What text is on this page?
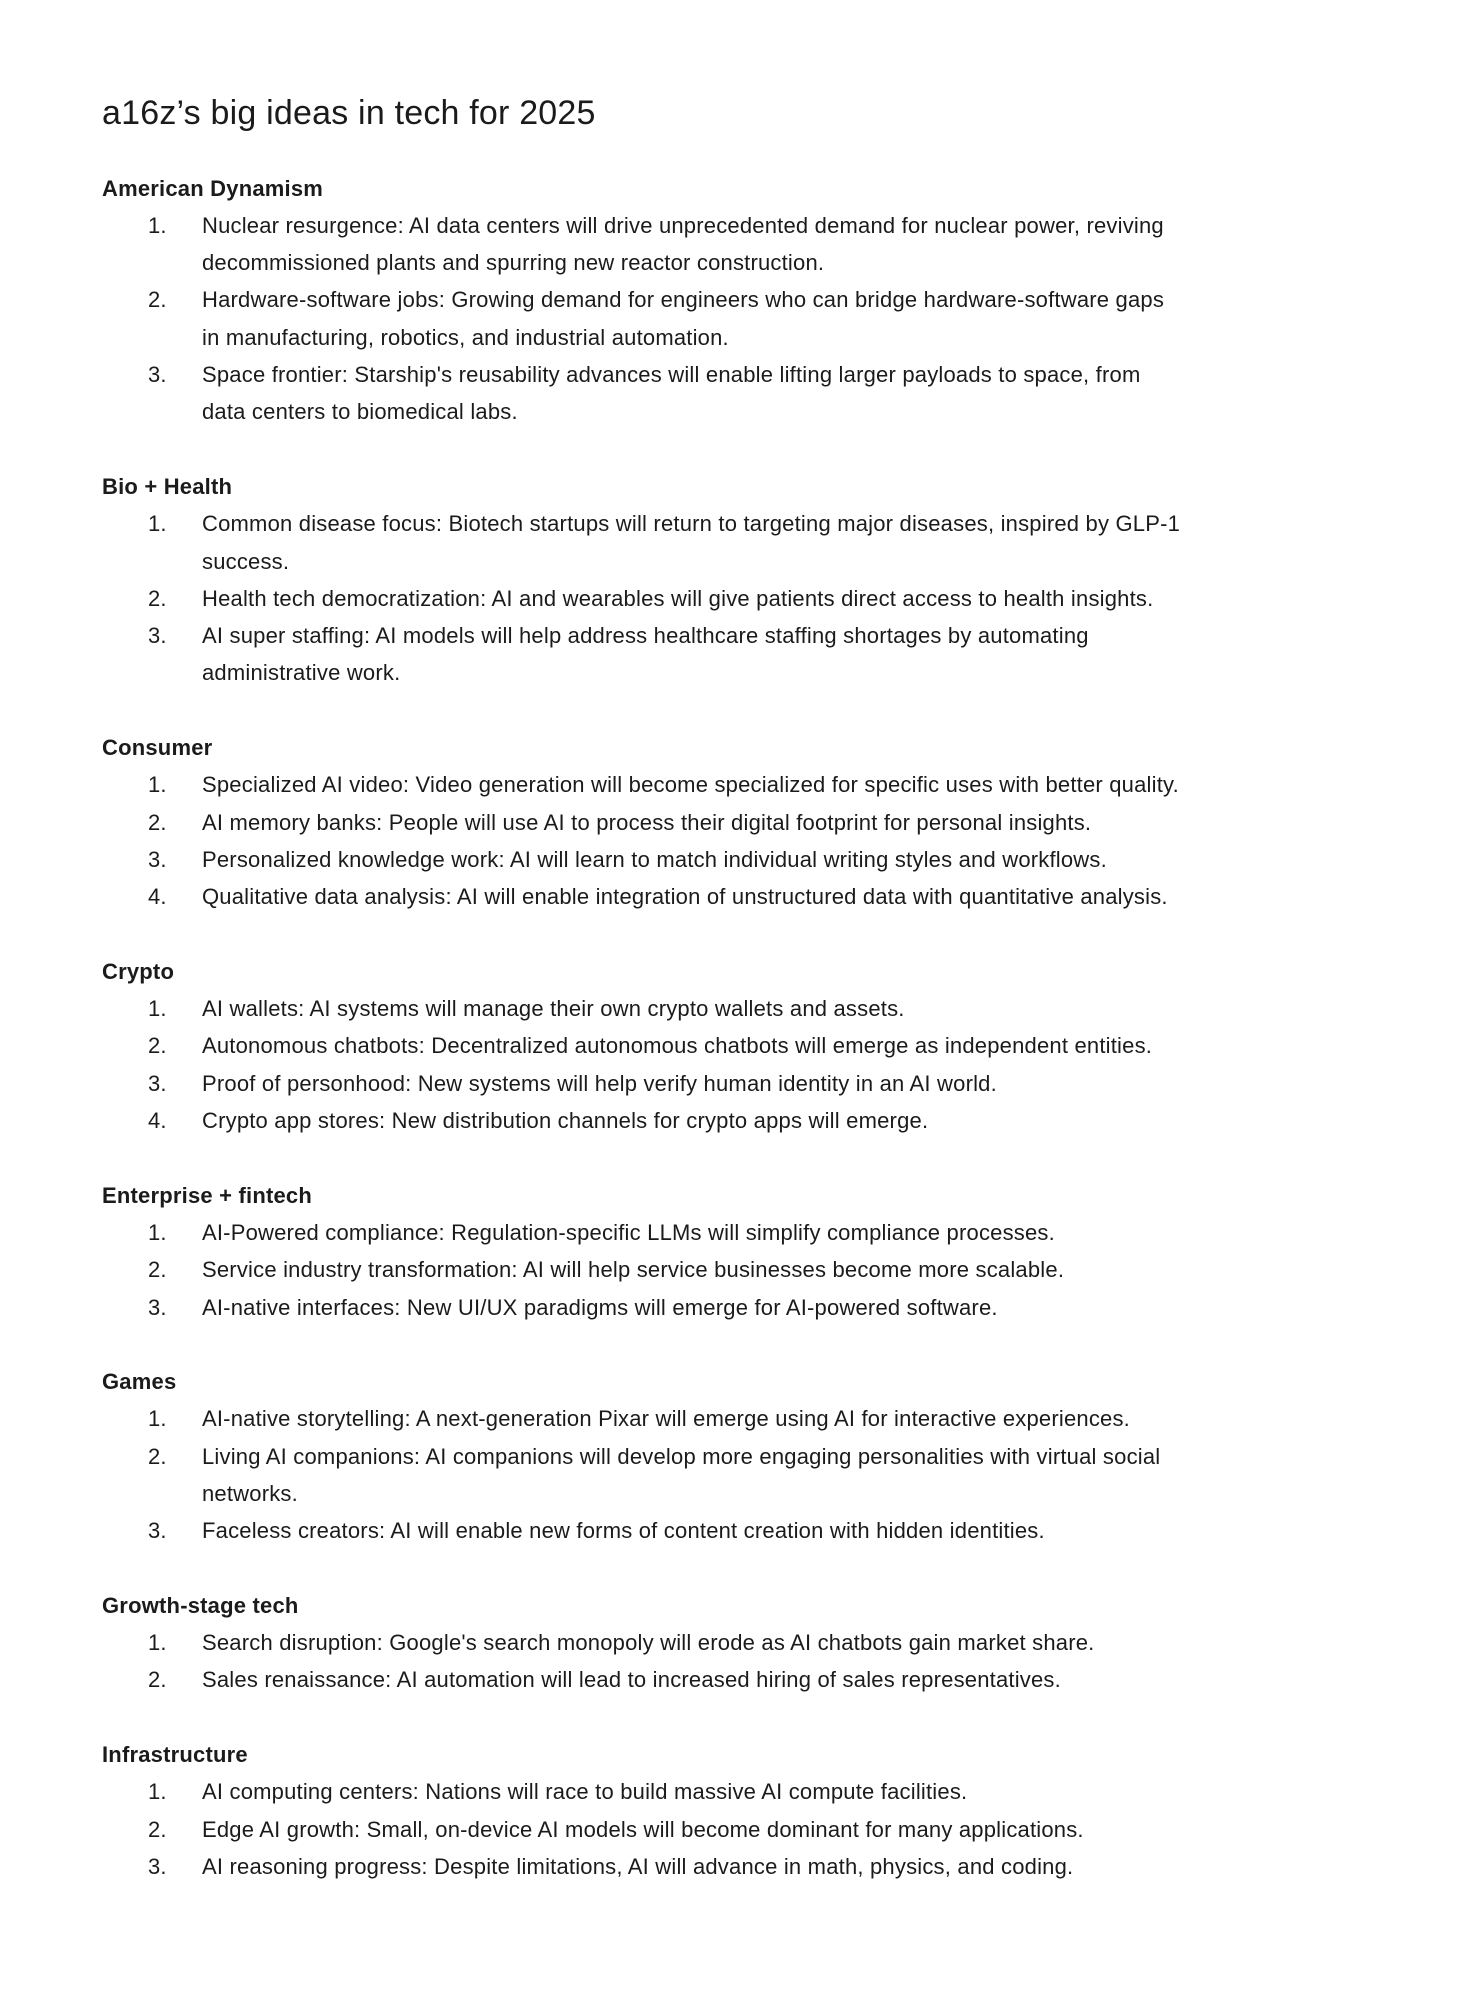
a16z’s big ideas in tech for 2025
American Dynamism
1. Nuclear resurgence: AI data centers will drive unprecedented demand for nuclear power, reviving
decommissioned plants and spurring new reactor construction.
2. Hardware-software jobs: Growing demand for engineers who can bridge hardware-software gaps
in manufacturing, robotics, and industrial automation.
3. Space frontier: Starship's reusability advances will enable lifting larger payloads to space, from
data centers to biomedical labs.
Bio + Health
1. Common disease focus: Biotech startups will return to targeting major diseases, inspired by GLP-1
success.
2. Health tech democratization: AI and wearables will give patients direct access to health insights.
3. AI super staffing: AI models will help address healthcare staffing shortages by automating
administrative work.
Consumer
1. Specialized AI video: Video generation will become specialized for specific uses with better quality.
2. AI memory banks: People will use AI to process their digital footprint for personal insights.
3. Personalized knowledge work: AI will learn to match individual writing styles and workflows.
4. Qualitative data analysis: AI will enable integration of unstructured data with quantitative analysis.
Crypto
1. AI wallets: AI systems will manage their own crypto wallets and assets.
2. Autonomous chatbots: Decentralized autonomous chatbots will emerge as independent entities.
3. Proof of personhood: New systems will help verify human identity in an AI world.
4. Crypto app stores: New distribution channels for crypto apps will emerge.
Enterprise + fintech
1. AI-Powered compliance: Regulation-specific LLMs will simplify compliance processes.
2. Service industry transformation: AI will help service businesses become more scalable.
3. AI-native interfaces: New UI/UX paradigms will emerge for AI-powered software.
Games
1. AI-native storytelling: A next-generation Pixar will emerge using AI for interactive experiences.
2. Living AI companions: AI companions will develop more engaging personalities with virtual social
networks.
3. Faceless creators: AI will enable new forms of content creation with hidden identities.
Growth-stage tech
1. Search disruption: Google's search monopoly will erode as AI chatbots gain market share.
2. Sales renaissance: AI automation will lead to increased hiring of sales representatives.
Infrastructure
1. AI computing centers: Nations will race to build massive AI compute facilities.
2. Edge AI growth: Small, on-device AI models will become dominant for many applications.
3. AI reasoning progress: Despite limitations, AI will advance in math, physics, and coding.
